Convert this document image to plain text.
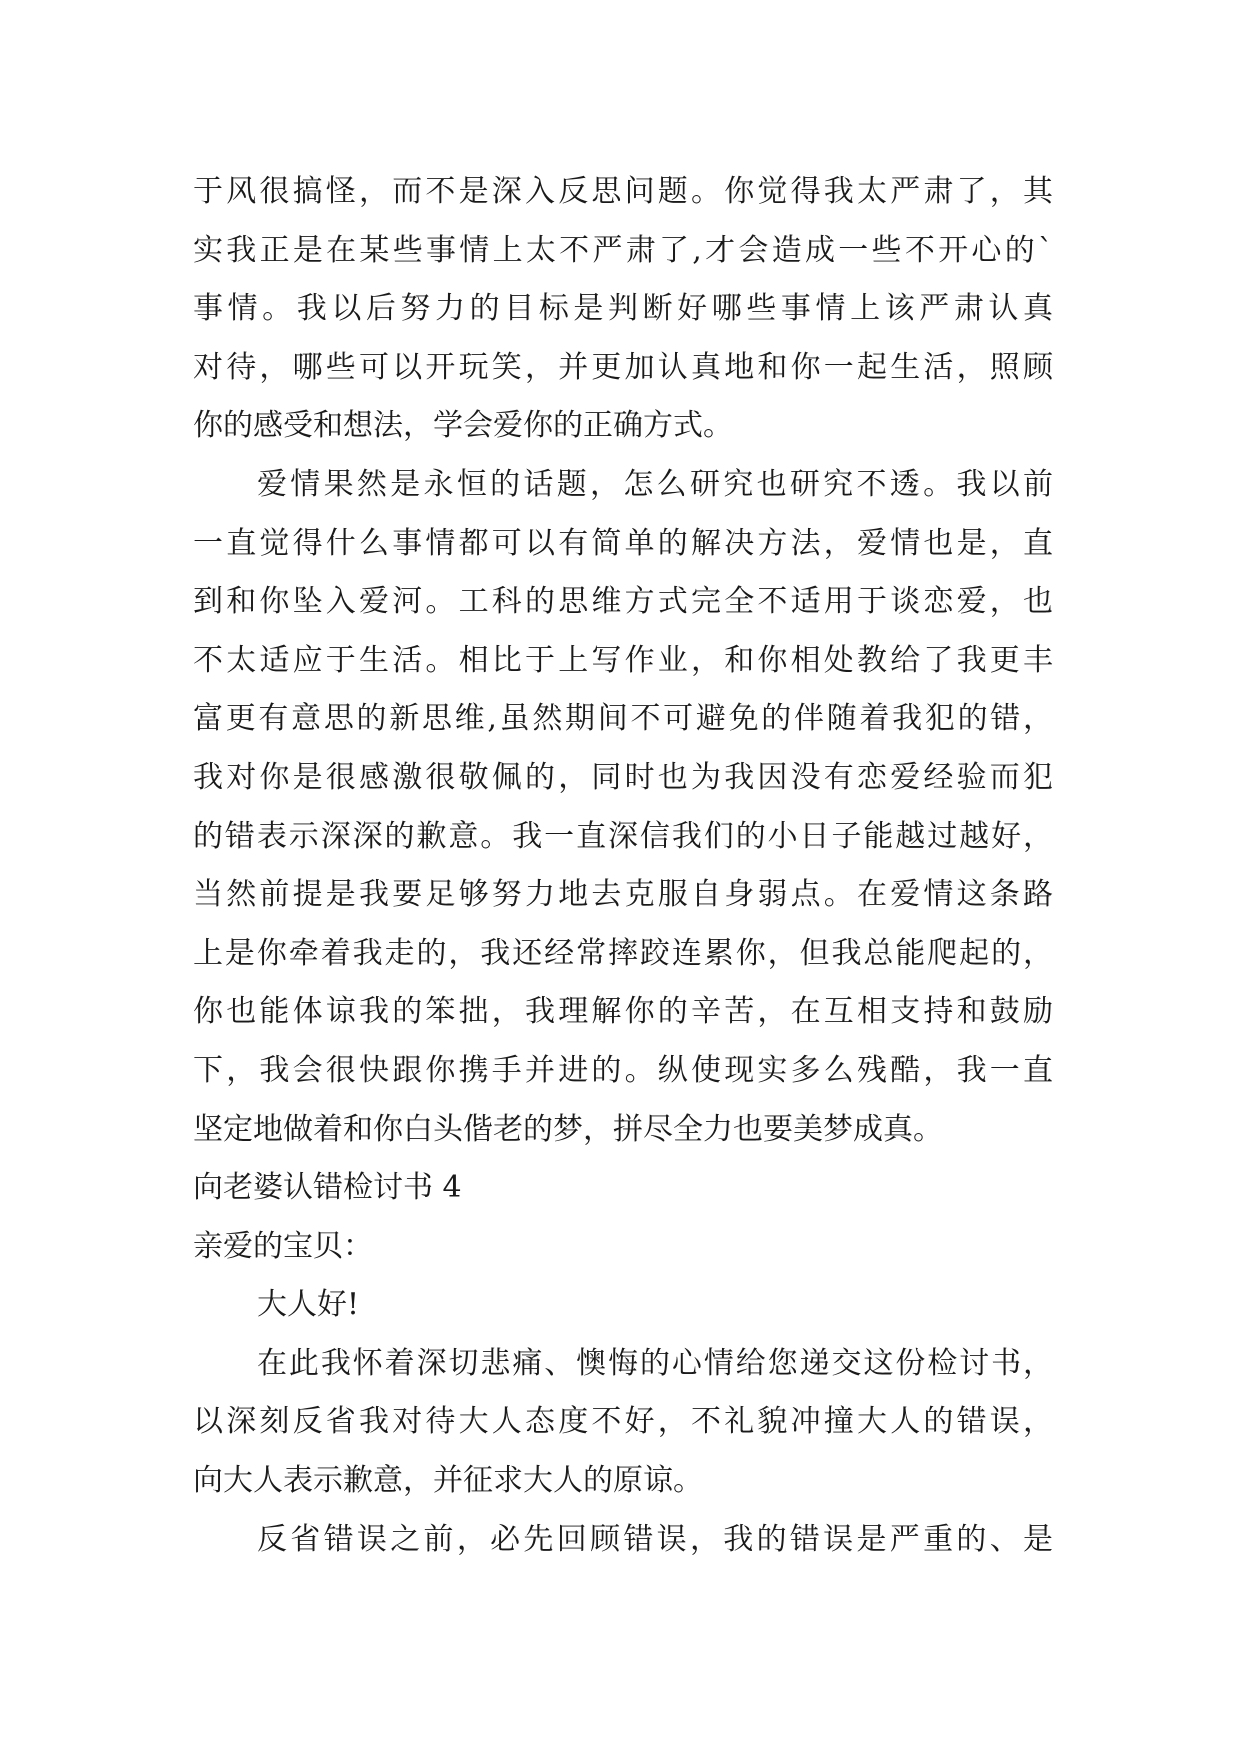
于风很搞怪，而不是深入反思问题。你觉得我太严肃了，其
实我正是在某些事情上太不严肃了,才会造成一些不开心的`
事情。我以后努力的目标是判断好哪些事情上该严肃认真
对待，哪些可以开玩笑，并更加认真地和你一起生活，照顾
你的感受和想法，学会爱你的正确方式。
爱情果然是永恒的话题，怎么研究也研究不透。我以前
一直觉得什么事情都可以有简单的解决方法，爱情也是，直
到和你坠入爱河。工科的思维方式完全不适用于谈恋爱，也
不太适应于生活。相比于上写作业，和你相处教给了我更丰
富更有意思的新思维,虽然期间不可避免的伴随着我犯的错，
我对你是很感激很敬佩的，同时也为我因没有恋爱经验而犯
的错表示深深的歉意。我一直深信我们的小日子能越过越好，
当然前提是我要足够努力地去克服自身弱点。在爱情这条路
上是你牵着我走的，我还经常摔跤连累你，但我总能爬起的，
你也能体谅我的笨拙，我理解你的辛苦，在互相支持和鼓励
下，我会很快跟你携手并进的。纵使现实多么残酷，我一直
坚定地做着和你白头偕老的梦，拼尽全力也要美梦成真。
向老婆认错检讨书 4
亲爱的宝贝：
大人好!
在此我怀着深切悲痛、懊悔的心情给您递交这份检讨书，
以深刻反省我对待大人态度不好，不礼貌冲撞大人的错误，
向大人表示歉意，并征求大人的原谅。
反省错误之前，必先回顾错误，我的错误是严重的、是
